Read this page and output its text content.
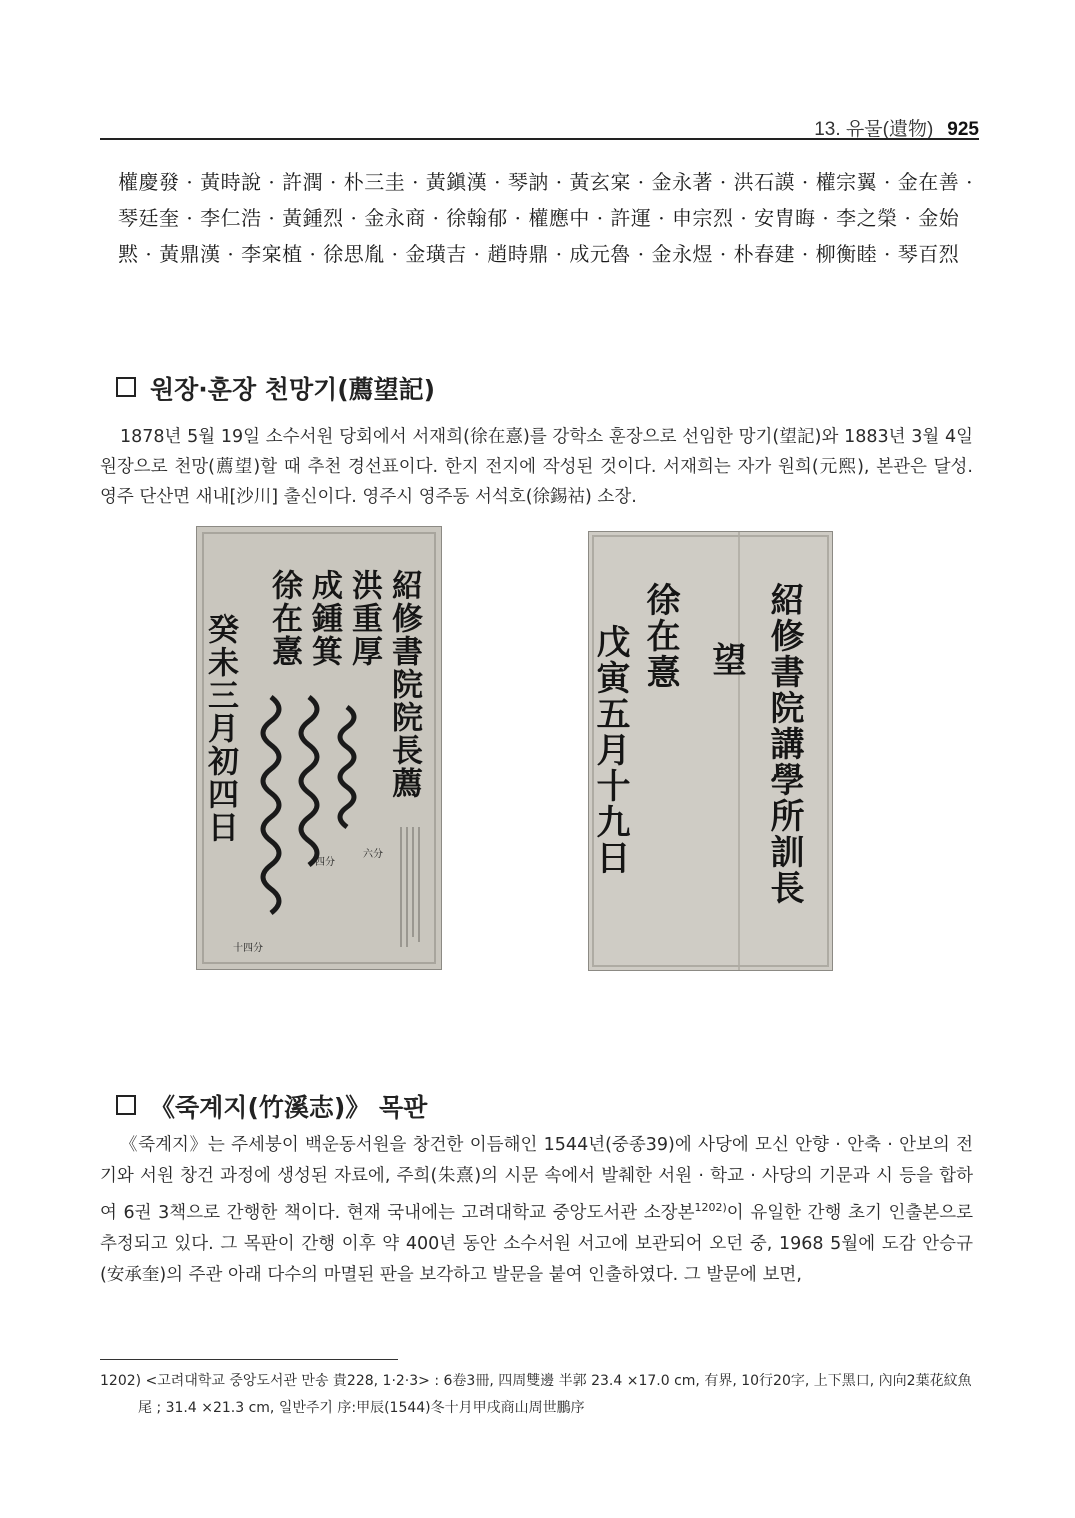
13. 유물(遺物) 925
權慶發 · 黃時說 · 許潤 · 朴三圭 · 黃鎭漢 · 琴訥 · 黃玄宲 · 金永著 · 洪石謨 · 權宗翼 · 金在善 · 琴廷奎 · 李仁浩 · 黃鍾烈 · 金永商 · 徐翰郁 · 權應中 · 許運 · 申宗烈 · 安胄晦 · 李之榮 · 金始黙 · 黃鼎漢 · 李宲植 · 徐思胤 · 金璜吉 · 趙時鼎 · 成元魯 · 金永煜 · 朴春建 · 柳衡睦 · 琴百烈
원장·훈장 천망기(薦望記)
1878년 5월 19일 소수서원 당회에서 서재희(徐在憙)를 강학소 훈장으로 선임한 망기(望記)와 1883년 3월 4일 원장으로 천망(薦望)할 때 추천 경선표이다. 한지 전지에 작성된 것이다. 서재희는 자가 원희(元熙), 본관은 달성. 영주 단산면 새내[沙川] 출신이다. 영주시 영주동 서석호(徐錫祜) 소장.
紹修書院院長薦
洪重厚
成鍾箕
徐在憙
癸未三月初四日
六分
四分
十四分
紹修書院講學所訓長
望
徐在憙
戊寅五月十九日
《죽계지(竹溪志)》 목판
《죽계지》는 주세붕이 백운동서원을 창건한 이듬해인 1544년(중종39)에 사당에 모신 안향 · 안축 · 안보의 전기와 서원 창건 과정에 생성된 자료에, 주희(朱熹)의 시문 속에서 발췌한 서원 · 학교 · 사당의 기문과 시 등을 합하여 6권 3책으로 간행한 책이다. 현재 국내에는 고려대학교 중앙도서관 소장본$^{1202)}$이 유일한 간행 초기 인출본으로 추정되고 있다. 그 목판이 간행 이후 약 400년 동안 소수서원 서고에 보관되어 오던 중, 1968 5월에 도감 안승규(安承奎)의 주관 아래 다수의 마멸된 판을 보각하고 발문을 붙여 인출하였다. 그 발문에 보면,
1202) <고려대학교 중앙도서관 만송 貴228, 1·2·3> : 6卷3冊, 四周雙邊 半郭 23.4 ×17.0 cm, 有界, 10行20字, 上下黑口, 內向2葉花紋魚尾 ; 31.4 ×21.3 cm, 일반주기 序:甲辰(1544)冬十月甲戌商山周世鵬序
